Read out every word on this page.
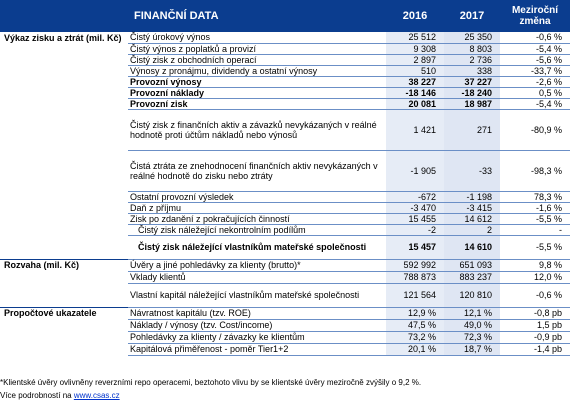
	FINANČNÍ DATA	2016	2017	Meziroční
změna
Výkaz zisku a ztrát (mil. Kč)	Čistý úrokový výnos	25 512	25 350	-0,6 %
	Čistý výnos z poplatků a provizí	9 308	8 803	-5,4 %
	Čistý zisk z obchodních operací	2 897	2 736	-5,6 %
	Výnosy z pronájmu, dividendy a ostatní výnosy	510	338	-33,7 %
	Provozní výnosy	38 227	37 227	-2,6 %
	Provozní náklady	-18 146	-18 240	0,5 %
	Provozní zisk	20 081	18 987	-5,4 %
	Čistý zisk z finančních aktiv a závazků nevykázaných v reálné hodnotě proti účtům nákladů nebo výnosů	1 421	271	-80,9 %
	Čistá ztráta ze znehodnocení finančních aktiv nevykázaných v reálné hodnotě do zisku nebo ztráty	-1 905	-33	-98,3 %
	Ostatní provozní výsledek	-672	-1 198	78,3 %
	Daň z příjmu	-3 470	-3 415	-1,6 %
	Zisk po zdanění z pokračujících činností	15 455	14 612	-5,5 %
	Čistý zisk náležející nekontrolním podílům	-2	2	-
	Čistý zisk náležející vlastníkům mateřské společnosti	15 457	14 610	-5,5 %
Rozvaha (mil. Kč)	Úvěry a jiné pohledávky za klienty (brutto)*	592 992	651 093	9,8 %
	Vklady klientů	788 873	883 237	12,0 %
	Vlastní kapitál náležející vlastníkům mateřské společnosti	121 564	120 810	-0,6 %
Propočtové ukazatele	Návratnost kapitálu (tzv. ROE)	12,9 %	12,1 %	-0,8 pb
	Náklady / výnosy (tzv. Cost/income)	47,5 %	49,0 %	1,5 pb
	Pohledávky za klienty / závazky ke klientům	73,2 %	72,3 %	-0,9 pb
	Kapitálová přiměřenost - poměr Tier1+2	20,1 %	18,7 %	-1,4 pb
*Klientské úvěry ovlivněny reverzními repo operacemi, beztohoto vlivu by se klientské úvěry meziročně zvýšily o 9,2 %.
Více podrobností na www.csas.cz
